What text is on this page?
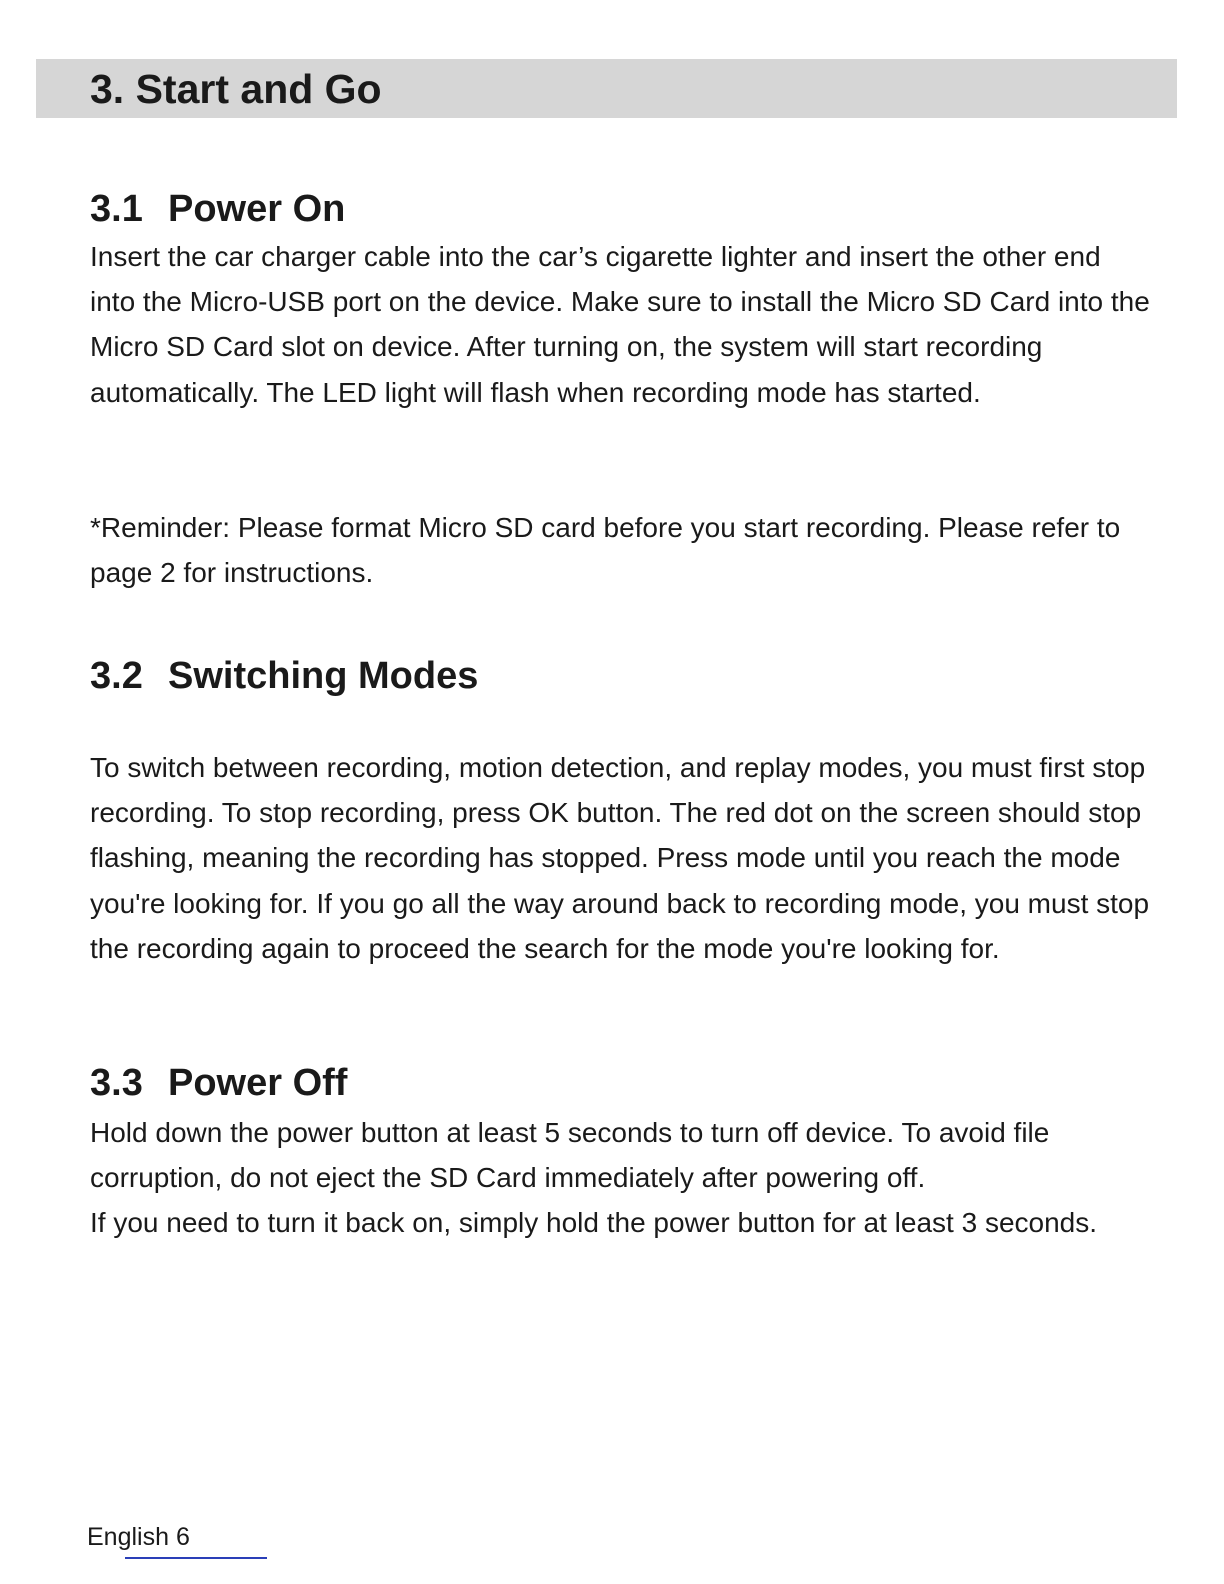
3. Start and Go
3.1 Power On

Insert the car charger cable into the car’s cigarette lighter and insert the other end into the Micro-USB port on the device. Make sure to install the Micro SD Card into the Micro SD Card slot on device. After turning on, the system will start recording automatically. The LED light will flash when recording mode has started.

*Reminder: Please format Micro SD card before you start recording. Please refer to page 2 for instructions.

3.2 Switching Modes

To switch between recording, motion detection, and replay modes, you must first stop recording. To stop recording, press OK button. The red dot on the screen should stop flashing, meaning the recording has stopped. Press mode until you reach the mode you're looking for. If you go all the way around back to recording mode, you must stop the recording again to proceed the search for the mode you're looking for.

3.3 Power Off
Hold down the power button at least 5 seconds to turn off device. To avoid file corruption, do not eject the SD Card immediately after powering off.
If you need to turn it back on, simply hold the power button for at least 3 seconds.
English 6
